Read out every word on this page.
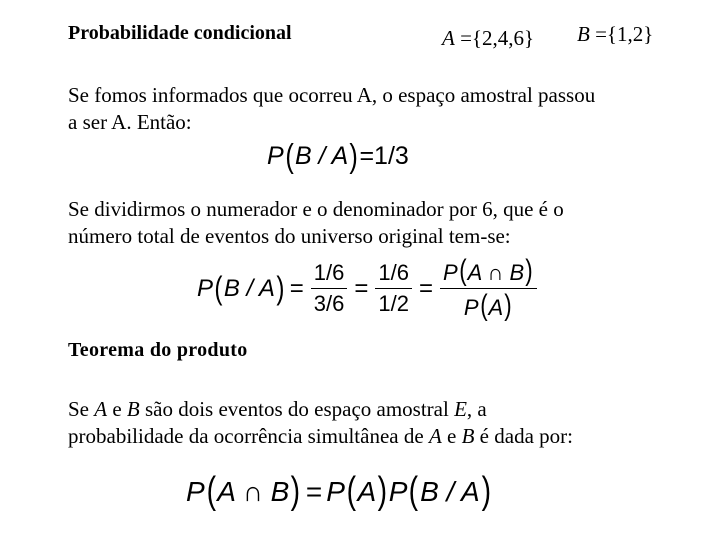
Probabilidade condicional	A ={2,4,6} B ={1,2}
Se fomos informados que ocorreu A, o espaço amostral passou
a ser A. Então:
P ( B / A ) =1/3
Se dividirmos o numerador e o denominador por 6, que é o
número total de eventos do universo original tem-se:
P ( B / A ) = $\frac{1/6}{3/6} = \frac{1/6}{1/2} = \frac{P(A \cap B)}{P(A)}$
Teorema do produto
Se A e B são dois eventos do espaço amostral E, a
probabilidade da ocorrência simultânea de A e B é dada por:
P ( A ∩ B ) = P ( A ) P ( B / A )
